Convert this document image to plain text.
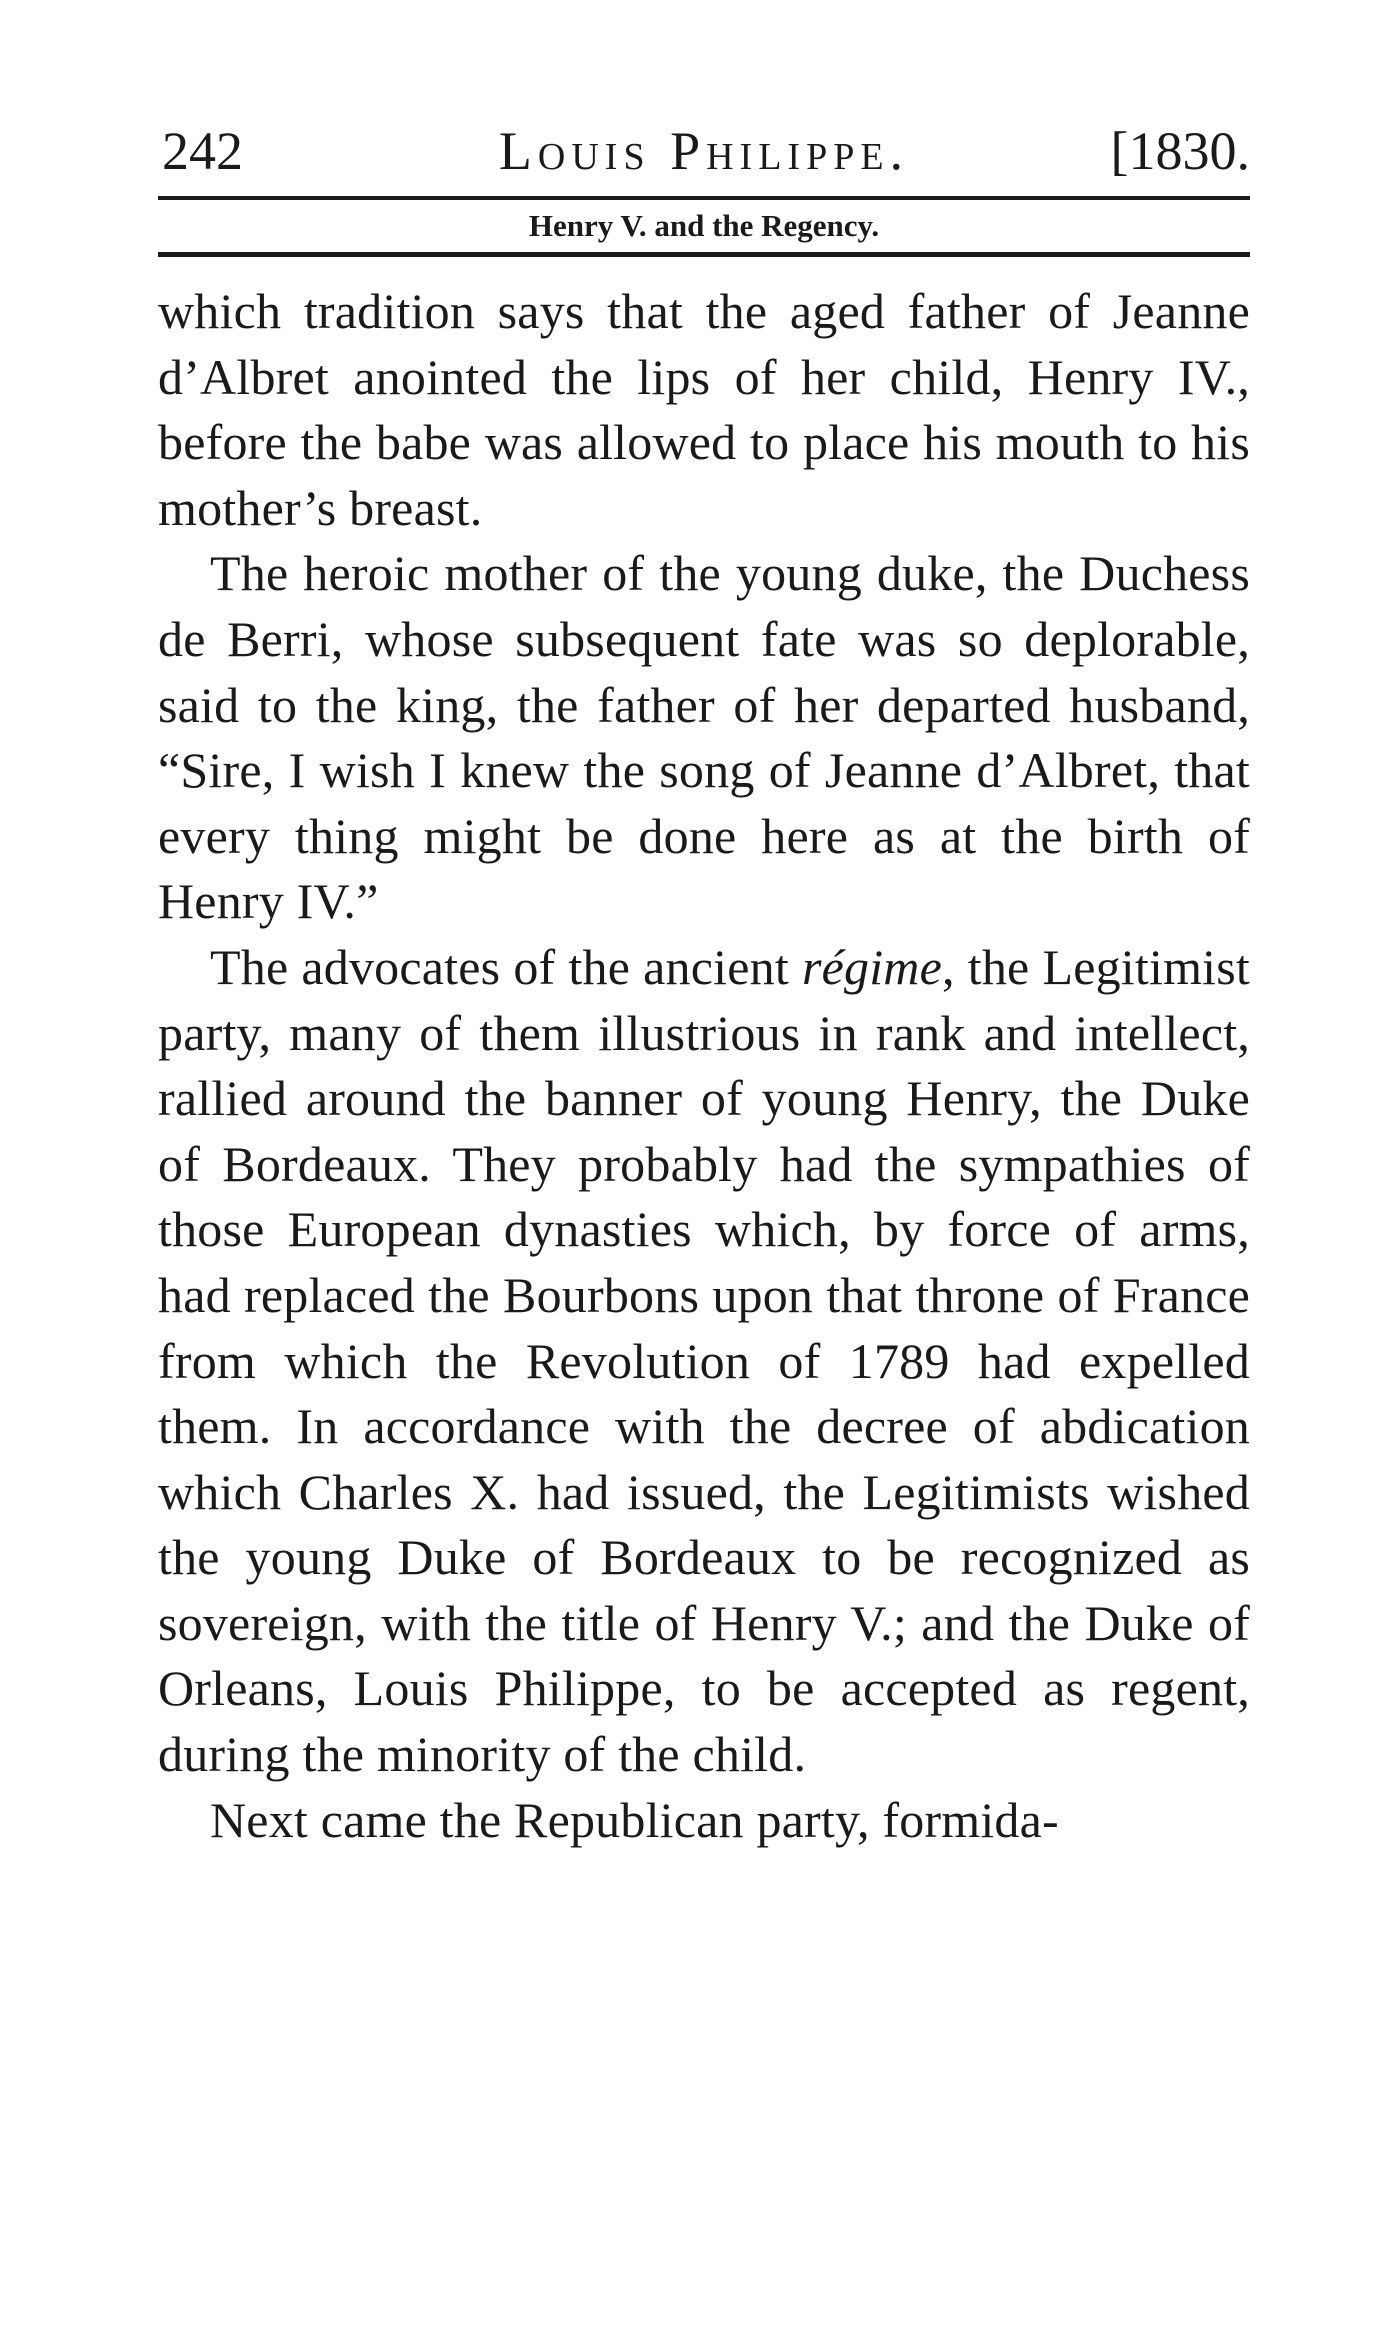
242	Louis Philippe.	[1830.
Henry V. and the Regency.

which tradition says that the aged father of Jeanne d’Albret anointed the lips of her child, Henry IV., before the babe was allowed to place his mouth to his mother’s breast.

The heroic mother of the young duke, the Duchess de Berri, whose subsequent fate was so deplorable, said to the king, the father of her departed husband, “Sire, I wish I knew the song of Jeanne d’Albret, that every thing might be done here as at the birth of Henry IV.”

The advocates of the ancient régime, the Legitimist party, many of them illustrious in rank and intellect, rallied around the banner of young Henry, the Duke of Bordeaux. They probably had the sympathies of those European dynasties which, by force of arms, had replaced the Bourbons upon that throne of France from which the Revolution of 1789 had expelled them. In accordance with the decree of abdication which Charles X. had issued, the Legitimists wished the young Duke of Bordeaux to be recognized as sovereign, with the title of Henry V.; and the Duke of Orleans, Louis Philippe, to be accepted as regent, during the minority of the child.

Next came the Republican party, formida-
